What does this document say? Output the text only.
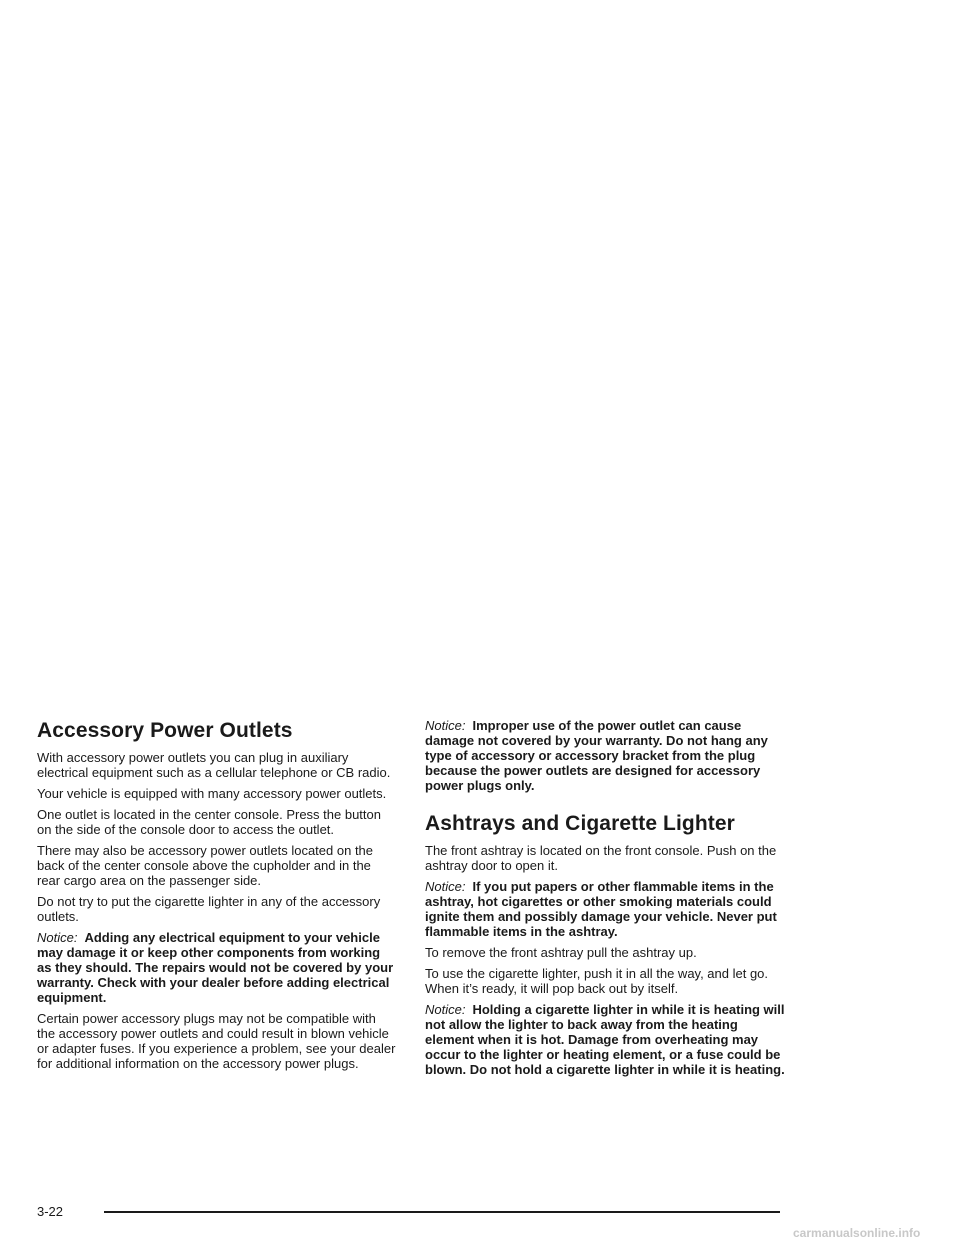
Accessory Power Outlets

With accessory power outlets you can plug in auxiliary electrical equipment such as a cellular telephone or CB radio.

Your vehicle is equipped with many accessory power outlets.

One outlet is located in the center console. Press the button on the side of the console door to access the outlet.

There may also be accessory power outlets located on the back of the center console above the cupholder and in the rear cargo area on the passenger side.

Do not try to put the cigarette lighter in any of the accessory outlets.

Notice: Adding any electrical equipment to your vehicle may damage it or keep other components from working as they should. The repairs would not be covered by your warranty. Check with your dealer before adding electrical equipment.

Certain power accessory plugs may not be compatible with the accessory power outlets and could result in blown vehicle or adapter fuses. If you experience a problem, see your dealer for additional information on the accessory power plugs.

Notice: Improper use of the power outlet can cause damage not covered by your warranty. Do not hang any type of accessory or accessory bracket from the plug because the power outlets are designed for accessory power plugs only.

Ashtrays and Cigarette Lighter

The front ashtray is located on the front console. Push on the ashtray door to open it.

Notice: If you put papers or other flammable items in the ashtray, hot cigarettes or other smoking materials could ignite them and possibly damage your vehicle. Never put flammable items in the ashtray.

To remove the front ashtray pull the ashtray up.

To use the cigarette lighter, push it in all the way, and let go. When it’s ready, it will pop back out by itself.

Notice: Holding a cigarette lighter in while it is heating will not allow the lighter to back away from the heating element when it is hot. Damage from overheating may occur to the lighter or heating element, or a fuse could be blown. Do not hold a cigarette lighter in while it is heating.

3-22
carmanualsonline.info
